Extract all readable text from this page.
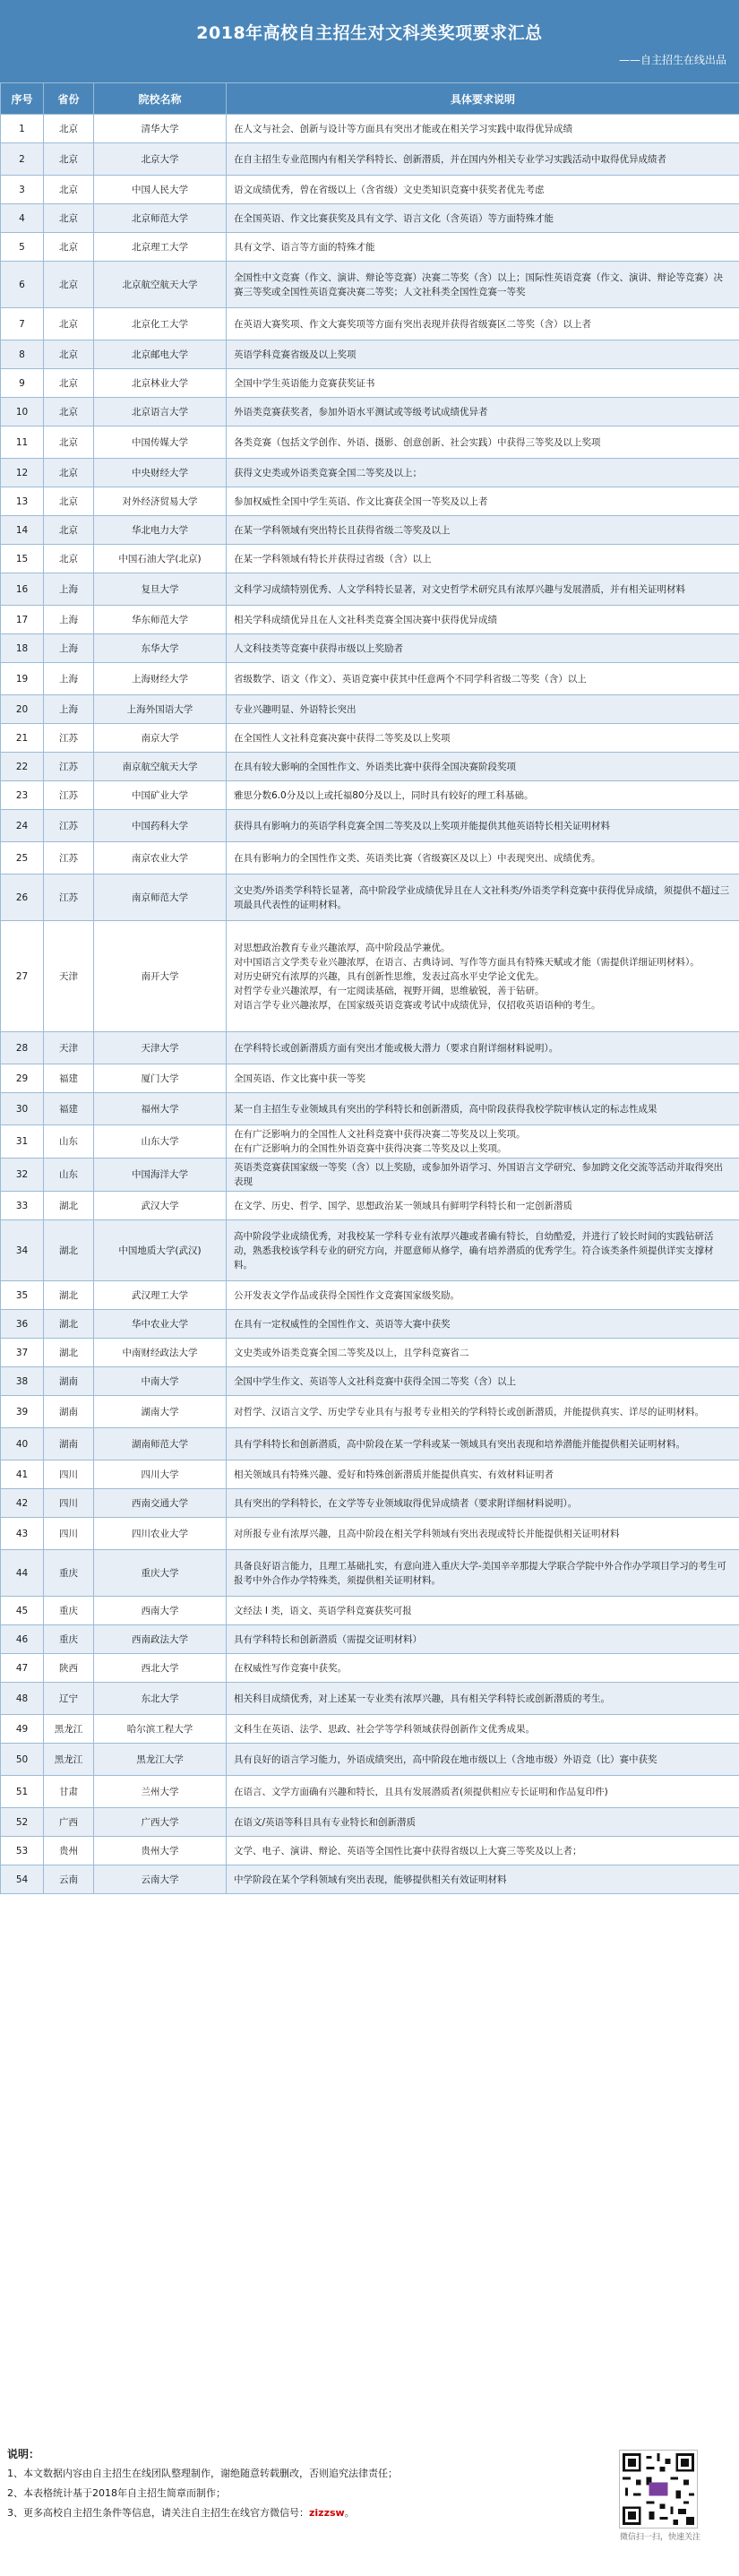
2018年高校自主招生对文科类奖项要求汇总
——自主招生在线出品
序号	省份	院校名称	具体要求说明
1	北京	清华大学	在人文与社会、创新与设计等方面具有突出才能或在相关学习实践中取得优异成绩
2	北京	北京大学	在自主招生专业范围内有相关学科特长、创新潜质，并在国内外相关专业学习实践活动中取得优异成绩者
3	北京	中国人民大学	语文成绩优秀，曾在省级以上（含省级）文史类知识竞赛中获奖者优先考虑
4	北京	北京师范大学	在全国英语、作文比赛获奖及具有文学、语言文化（含英语）等方面特殊才能
5	北京	北京理工大学	具有文学、语言等方面的特殊才能
6	北京	北京航空航天大学	全国性中文竞赛（作文、演讲、辩论等竞赛）决赛二等奖（含）以上；国际性英语竞赛（作文、演讲、辩论等竞赛）决赛三等奖或全国性英语竞赛决赛二等奖；人文社科类全国性竞赛一等奖
7	北京	北京化工大学	在英语大赛奖项、作文大赛奖项等方面有突出表现并获得省级赛区二等奖（含）以上者
8	北京	北京邮电大学	英语学科竞赛省级及以上奖项
9	北京	北京林业大学	全国中学生英语能力竞赛获奖证书
10	北京	北京语言大学	外语类竞赛获奖者，参加外语水平测试或等级考试成绩优异者
11	北京	中国传媒大学	各类竞赛（包括文学创作、外语、摄影、创意创新、社会实践）中获得三等奖及以上奖项
12	北京	中央财经大学	获得文史类或外语类竞赛全国二等奖及以上；
13	北京	对外经济贸易大学	参加权威性全国中学生英语、作文比赛获全国一等奖及以上者
14	北京	华北电力大学	在某一学科领域有突出特长且获得省级二等奖及以上
15	北京	中国石油大学(北京)	在某一学科领域有特长并获得过省级（含）以上
16	上海	复旦大学	文科学习成绩特别优秀、人文学科特长显著，对文史哲学术研究具有浓厚兴趣与发展潜质，并有相关证明材料
17	上海	华东师范大学	相关学科成绩优异且在人文社科类竞赛全国决赛中获得优异成绩
18	上海	东华大学	人文科技类等竞赛中获得市级以上奖励者
19	上海	上海财经大学	省级数学、语文（作文）、英语竞赛中获其中任意两个不同学科省级二等奖（含）以上
20	上海	上海外国语大学	专业兴趣明显、外语特长突出
21	江苏	南京大学	在全国性人文社科竞赛决赛中获得二等奖及以上奖项
22	江苏	南京航空航天大学	在具有较大影响的全国性作文、外语类比赛中获得全国决赛阶段奖项
23	江苏	中国矿业大学	雅思分数6.0分及以上或托福80分及以上，同时具有较好的理工科基础。
24	江苏	中国药科大学	获得具有影响力的英语学科竞赛全国二等奖及以上奖项并能提供其他英语特长相关证明材料
25	江苏	南京农业大学	在具有影响力的全国性作文类、英语类比赛（省级赛区及以上）中表现突出、成绩优秀。
26	江苏	南京师范大学	文史类/外语类学科特长显著，高中阶段学业成绩优异且在人文社科类/外语类学科竞赛中获得优异成绩，须提供不超过三项最具代表性的证明材料。
27	天津	南开大学	对思想政治教育专业兴趣浓厚，高中阶段品学兼优。
对中国语言文学类专业兴趣浓厚，在语言、古典诗词、写作等方面具有特殊天赋或才能（需提供详细证明材料）。
对历史研究有浓厚的兴趣，具有创新性思维，发表过高水平史学论文优先。
对哲学专业兴趣浓厚，有一定阅读基础，视野开阔，思维敏锐，善于钻研。
对语言学专业兴趣浓厚，在国家级英语竞赛或考试中成绩优异，仅招收英语语种的考生。
28	天津	天津大学	在学科特长或创新潜质方面有突出才能或极大潜力（要求自附详细材料说明）。
29	福建	厦门大学	全国英语、作文比赛中获一等奖
30	福建	福州大学	某一自主招生专业领域具有突出的学科特长和创新潜质，高中阶段获得我校学院审核认定的标志性成果
31	山东	山东大学	在有广泛影响力的全国性人文社科竞赛中获得决赛二等奖及以上奖项。
在有广泛影响力的全国性外语竞赛中获得决赛二等奖及以上奖项。
32	山东	中国海洋大学	英语类竞赛获国家级一等奖（含）以上奖励，或参加外语学习、外国语言文学研究、参加跨文化交流等活动并取得突出表现
33	湖北	武汉大学	在文学、历史、哲学、国学、思想政治某一领域具有鲜明学科特长和一定创新潜质
34	湖北	中国地质大学(武汉)	高中阶段学业成绩优秀，对我校某一学科专业有浓厚兴趣或者确有特长，自幼酷爱，并进行了较长时间的实践钻研活动，熟悉我校该学科专业的研究方向，并愿意师从修学，确有培养潜质的优秀学生。符合该类条件须提供详实支撑材料。
35	湖北	武汉理工大学	公开发表文学作品或获得全国性作文竞赛国家级奖励。
36	湖北	华中农业大学	在具有一定权威性的全国性作文、英语等大赛中获奖
37	湖北	中南财经政法大学	文史类或外语类竞赛全国二等奖及以上，且学科竞赛省二
38	湖南	中南大学	全国中学生作文、英语等人文社科竞赛中获得全国二等奖（含）以上
39	湖南	湖南大学	对哲学、汉语言文学、历史学专业具有与报考专业相关的学科特长或创新潜质，并能提供真实、详尽的证明材料。
40	湖南	湖南师范大学	具有学科特长和创新潜质，高中阶段在某一学科或某一领域具有突出表现和培养潜能并能提供相关证明材料。
41	四川	四川大学	相关领域具有特殊兴趣、爱好和特殊创新潜质并能提供真实、有效材料证明者
42	四川	西南交通大学	具有突出的学科特长，在文学等专业领域取得优异成绩者（要求附详细材料说明）。
43	四川	四川农业大学	对所报专业有浓厚兴趣，且高中阶段在相关学科领域有突出表现或特长并能提供相关证明材料
44	重庆	重庆大学	具备良好语言能力，且理工基础扎实，有意向进入重庆大学-美国辛辛那提大学联合学院中外合作办学项目学习的考生可报考中外合作办学特殊类，须提供相关证明材料。
45	重庆	西南大学	文经法 I 类，语文、英语学科竞赛获奖可报
46	重庆	西南政法大学	具有学科特长和创新潜质（需提交证明材料）
47	陕西	西北大学	在权威性写作竞赛中获奖。
48	辽宁	东北大学	相关科目成绩优秀，对上述某一专业类有浓厚兴趣，具有相关学科特长或创新潜质的考生。
49	黑龙江	哈尔滨工程大学	文科生在英语、法学、思政、社会学等学科领域获得创新作文优秀成果。
50	黑龙江	黑龙江大学	具有良好的语言学习能力，外语成绩突出，高中阶段在地市级以上（含地市级）外语竞（比）赛中获奖
51	甘肃	兰州大学	在语言、文学方面确有兴趣和特长，且具有发展潜质者(须提供相应专长证明和作品复印件)
52	广西	广西大学	在语文/英语等科目具有专业特长和创新潜质
53	贵州	贵州大学	文学、电子、演讲、辩论、英语等全国性比赛中获得省级以上大赛三等奖及以上者；
54	云南	云南大学	中学阶段在某个学科领域有突出表现，能够提供相关有效证明材料
说明：
1、本文数据内容由自主招生在线团队整理制作，谢绝随意转载删改，否则追究法律责任；
2、本表格统计基于2018年自主招生简章而制作；
3、更多高校自主招生条件等信息，请关注自主招生在线官方微信号：zizzsw。
微信扫一扫，快速关注
